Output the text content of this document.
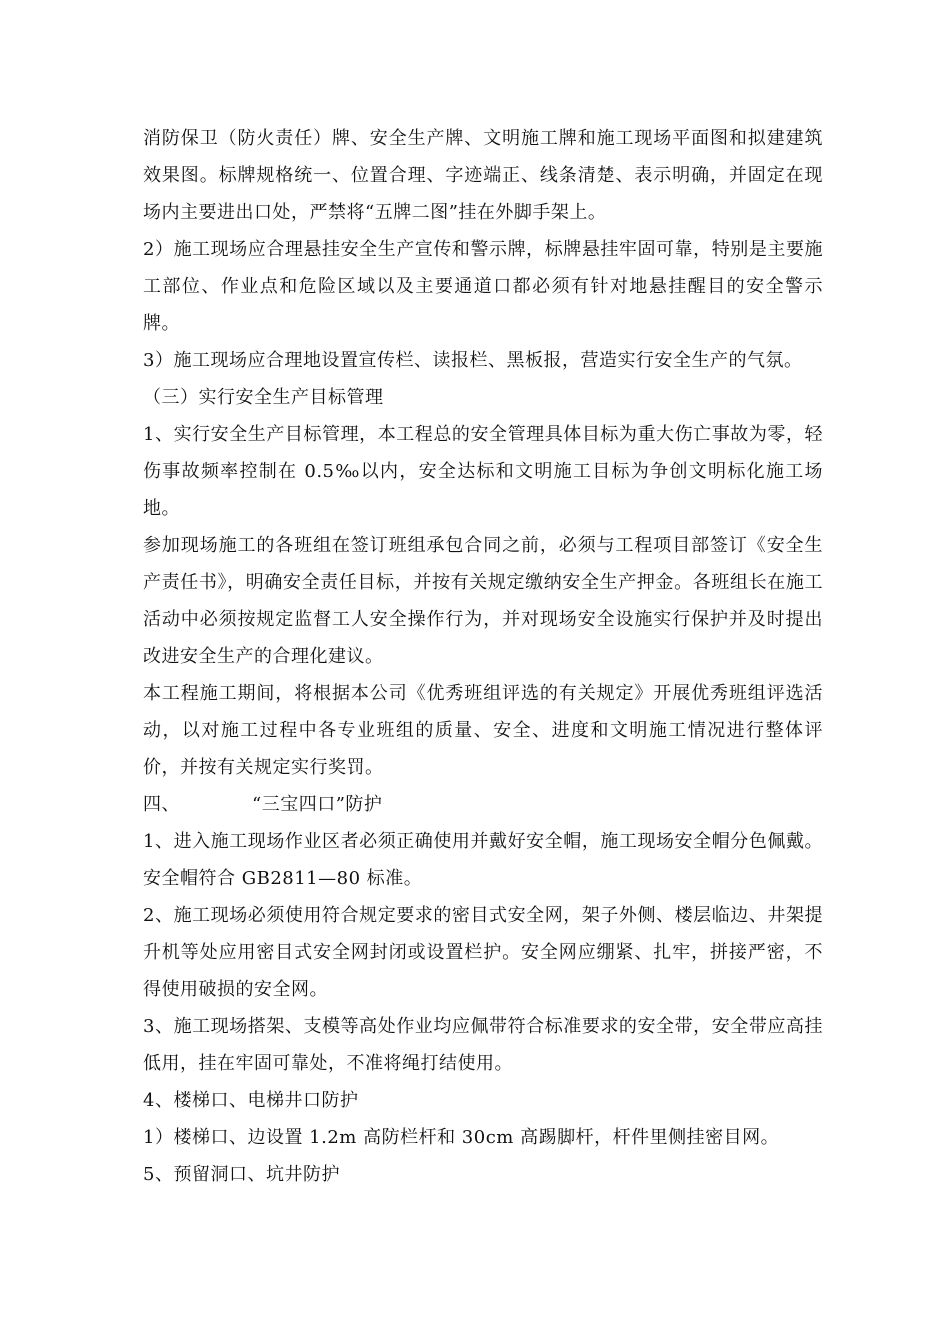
消防保卫（防火责任）牌、安全生产牌、文明施工牌和施工现场平面图和拟建建筑效果图。标牌规格统一、位置合理、字迹端正、线条清楚、表示明确，并固定在现场内主要进出口处，严禁将“五牌二图”挂在外脚手架上。

2）施工现场应合理悬挂安全生产宣传和警示牌，标牌悬挂牢固可靠，特别是主要施工部位、作业点和危险区域以及主要通道口都必须有针对地悬挂醒目的安全警示牌。

3）施工现场应合理地设置宣传栏、读报栏、黑板报，营造实行安全生产的气氛。

（三）实行安全生产目标管理

1、实行安全生产目标管理，本工程总的安全管理具体目标为重大伤亡事故为零，轻伤事故频率控制在 0.5‰以内，安全达标和文明施工目标为争创文明标化施工场地。

参加现场施工的各班组在签订班组承包合同之前，必须与工程项目部签订《安全生产责任书》，明确安全责任目标，并按有关规定缴纳安全生产押金。各班组长在施工活动中必须按规定监督工人安全操作行为，并对现场安全设施实行保护并及时提出改进安全生产的合理化建议。

本工程施工期间，将根据本公司《优秀班组评选的有关规定》开展优秀班组评选活动，以对施工过程中各专业班组的质量、安全、进度和文明施工情况进行整体评价，并按有关规定实行奖罚。

四、	“三宝四口”防护

1、进入施工现场作业区者必须正确使用并戴好安全帽，施工现场安全帽分色佩戴。安全帽符合 GB2811—80 标准。

2、施工现场必须使用符合规定要求的密目式安全网，架子外侧、楼层临边、井架提升机等处应用密目式安全网封闭或设置栏护。安全网应绷紧、扎牢，拼接严密，不得使用破损的安全网。

3、施工现场搭架、支模等高处作业均应佩带符合标准要求的安全带，安全带应高挂低用，挂在牢固可靠处，不准将绳打结使用。

4、楼梯口、电梯井口防护

1）楼梯口、边设置 1.2m 高防栏杆和 30cm 高踢脚杆，杆件里侧挂密目网。

5、预留洞口、坑井防护
